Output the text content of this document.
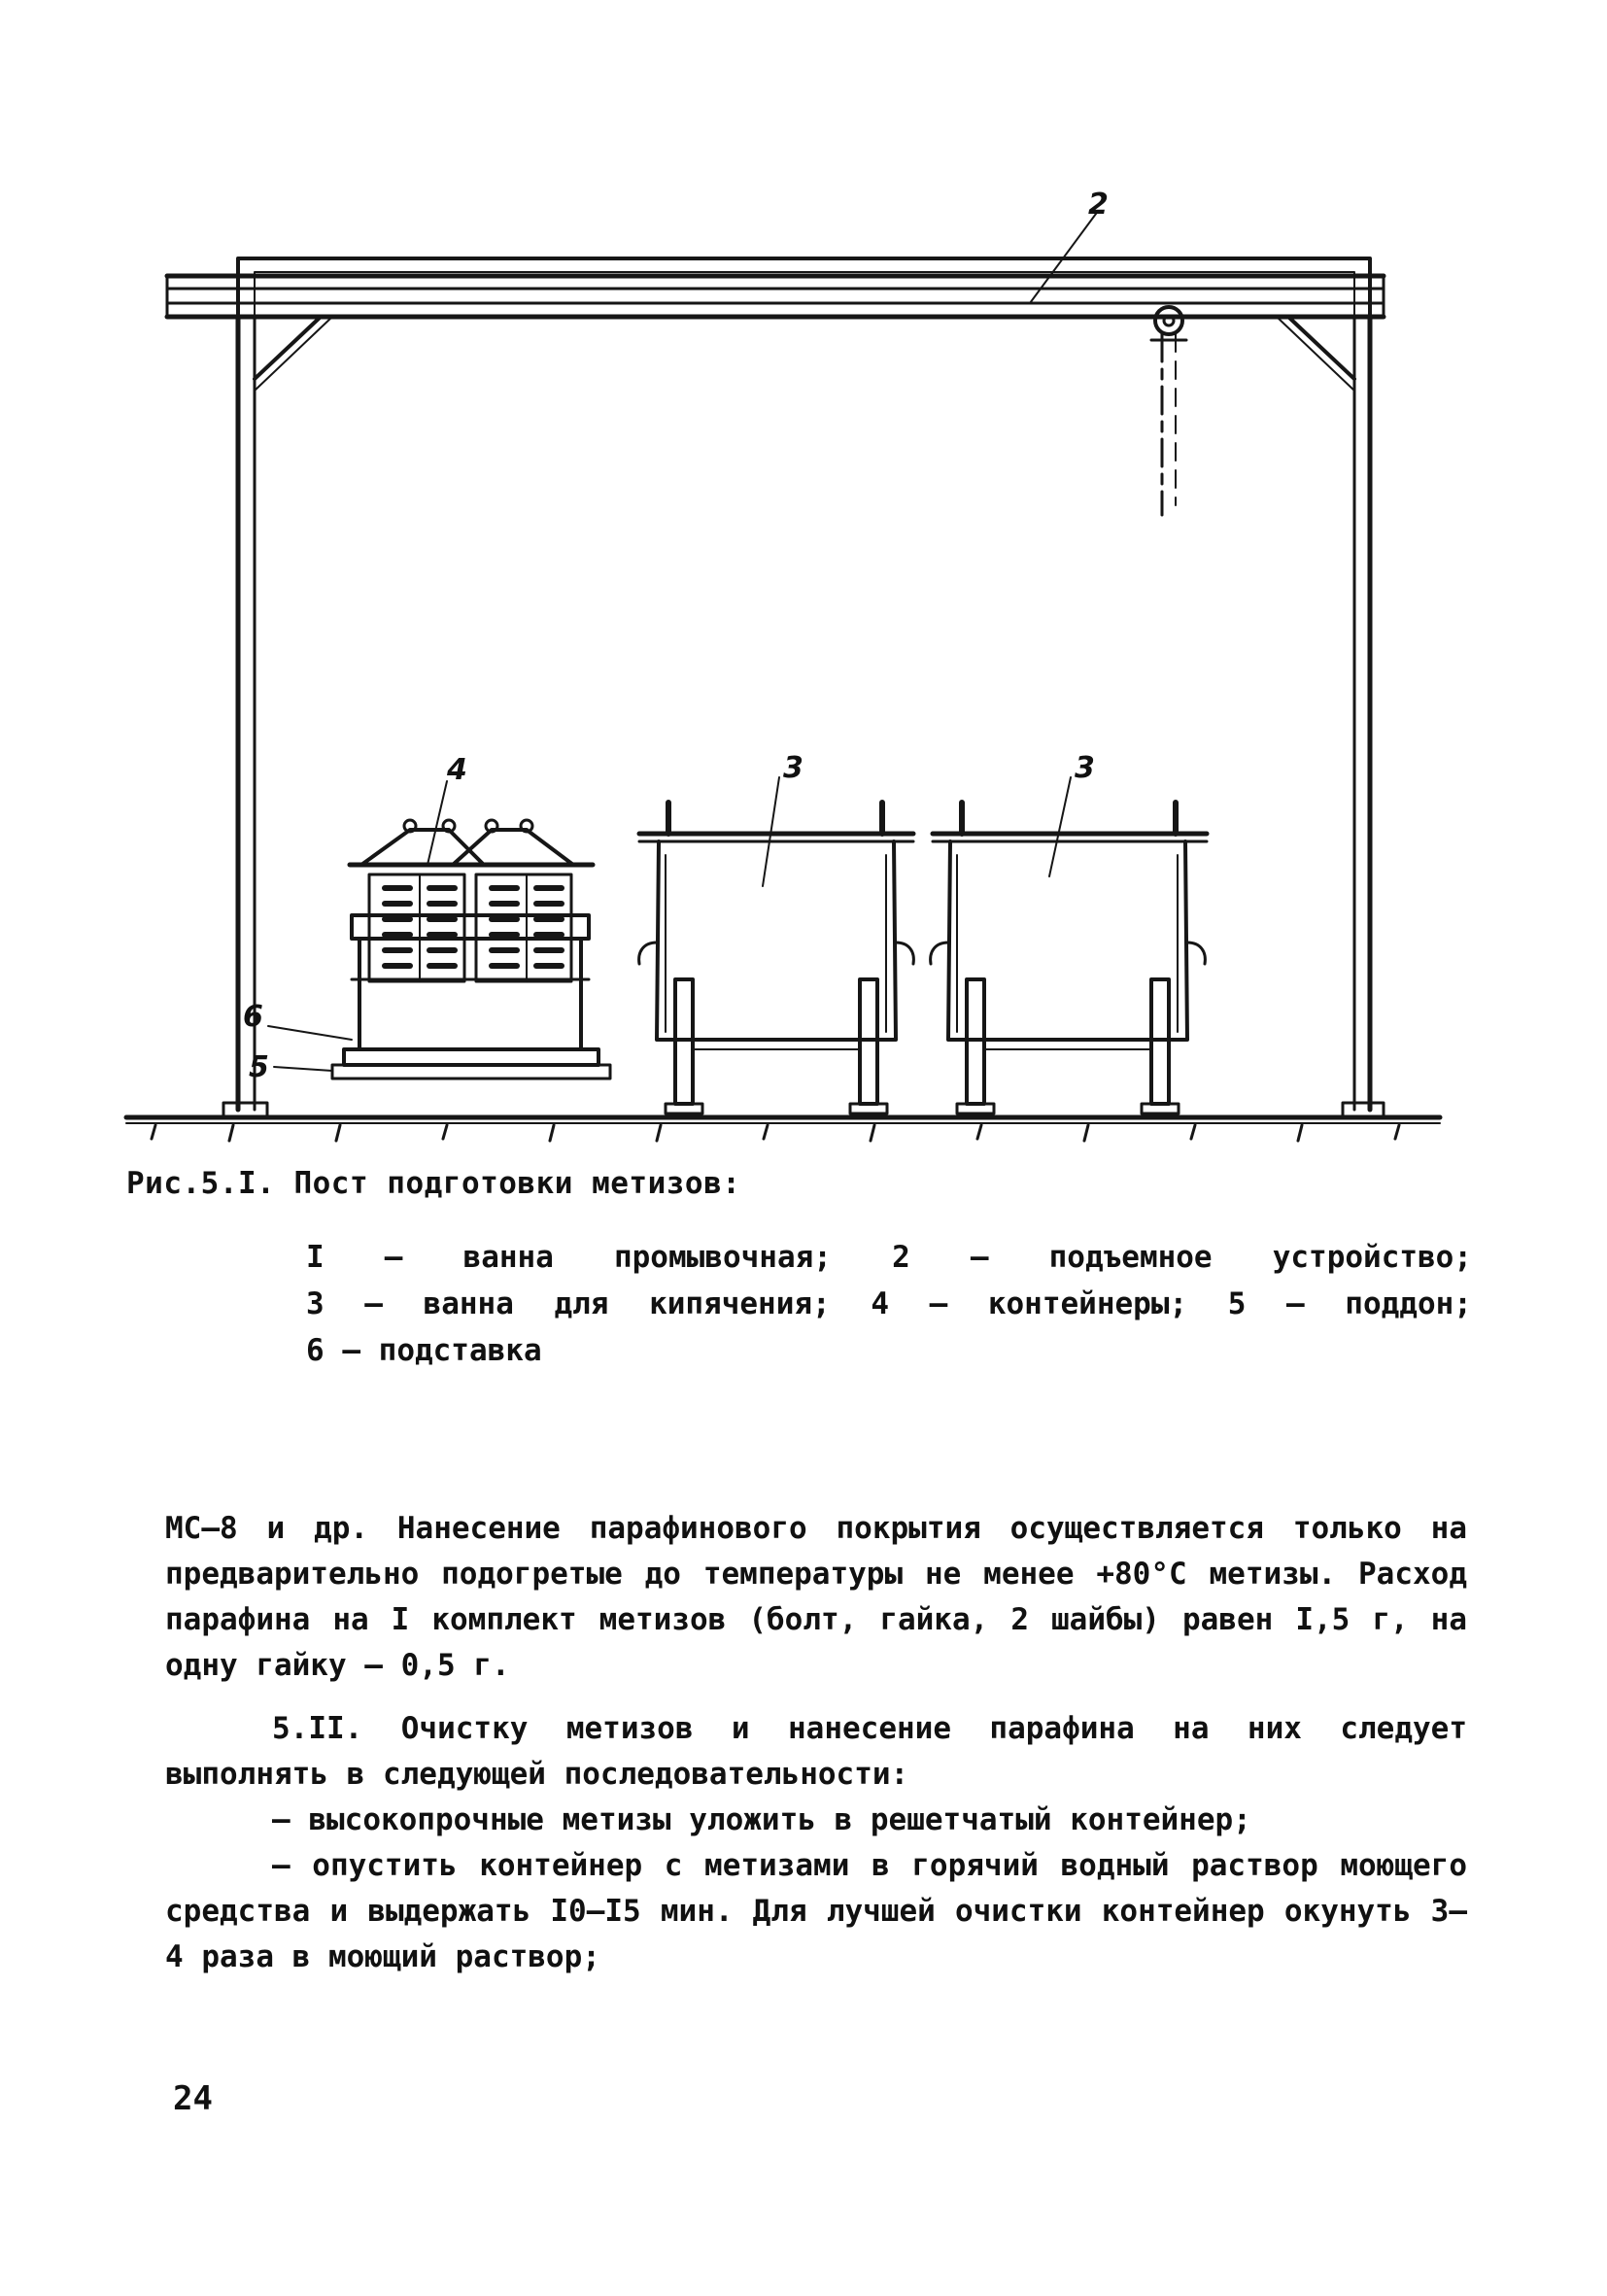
2
3	3
4
6
5
Рис.5.I. Пост подготовки метизов:
I – ванна промывочная; 2 – подъемное устройство; 3 – ванна для кипячения; 4 – контейнеры; 5 – поддон; 6 – подставка

МС–8 и др. Нанесение парафинового покрытия осуществляется только на предварительно подогретые до температуры не менее +80°С метизы. Расход парафина на I комплект метизов (болт, гайка, 2 шайбы) равен I,5 г, на одну гайку – 0,5 г.

5.II. Очистку метизов и нанесение парафина на них следует выполнять в следующей последовательности:

– высокопрочные метизы уложить в решетчатый контейнер;
– опустить контейнер с метизами в горячий водный раствор моющего средства и выдержать I0–I5 мин. Для лучшей очистки контейнер окунуть 3–4 раза в моющий раствор;

24
